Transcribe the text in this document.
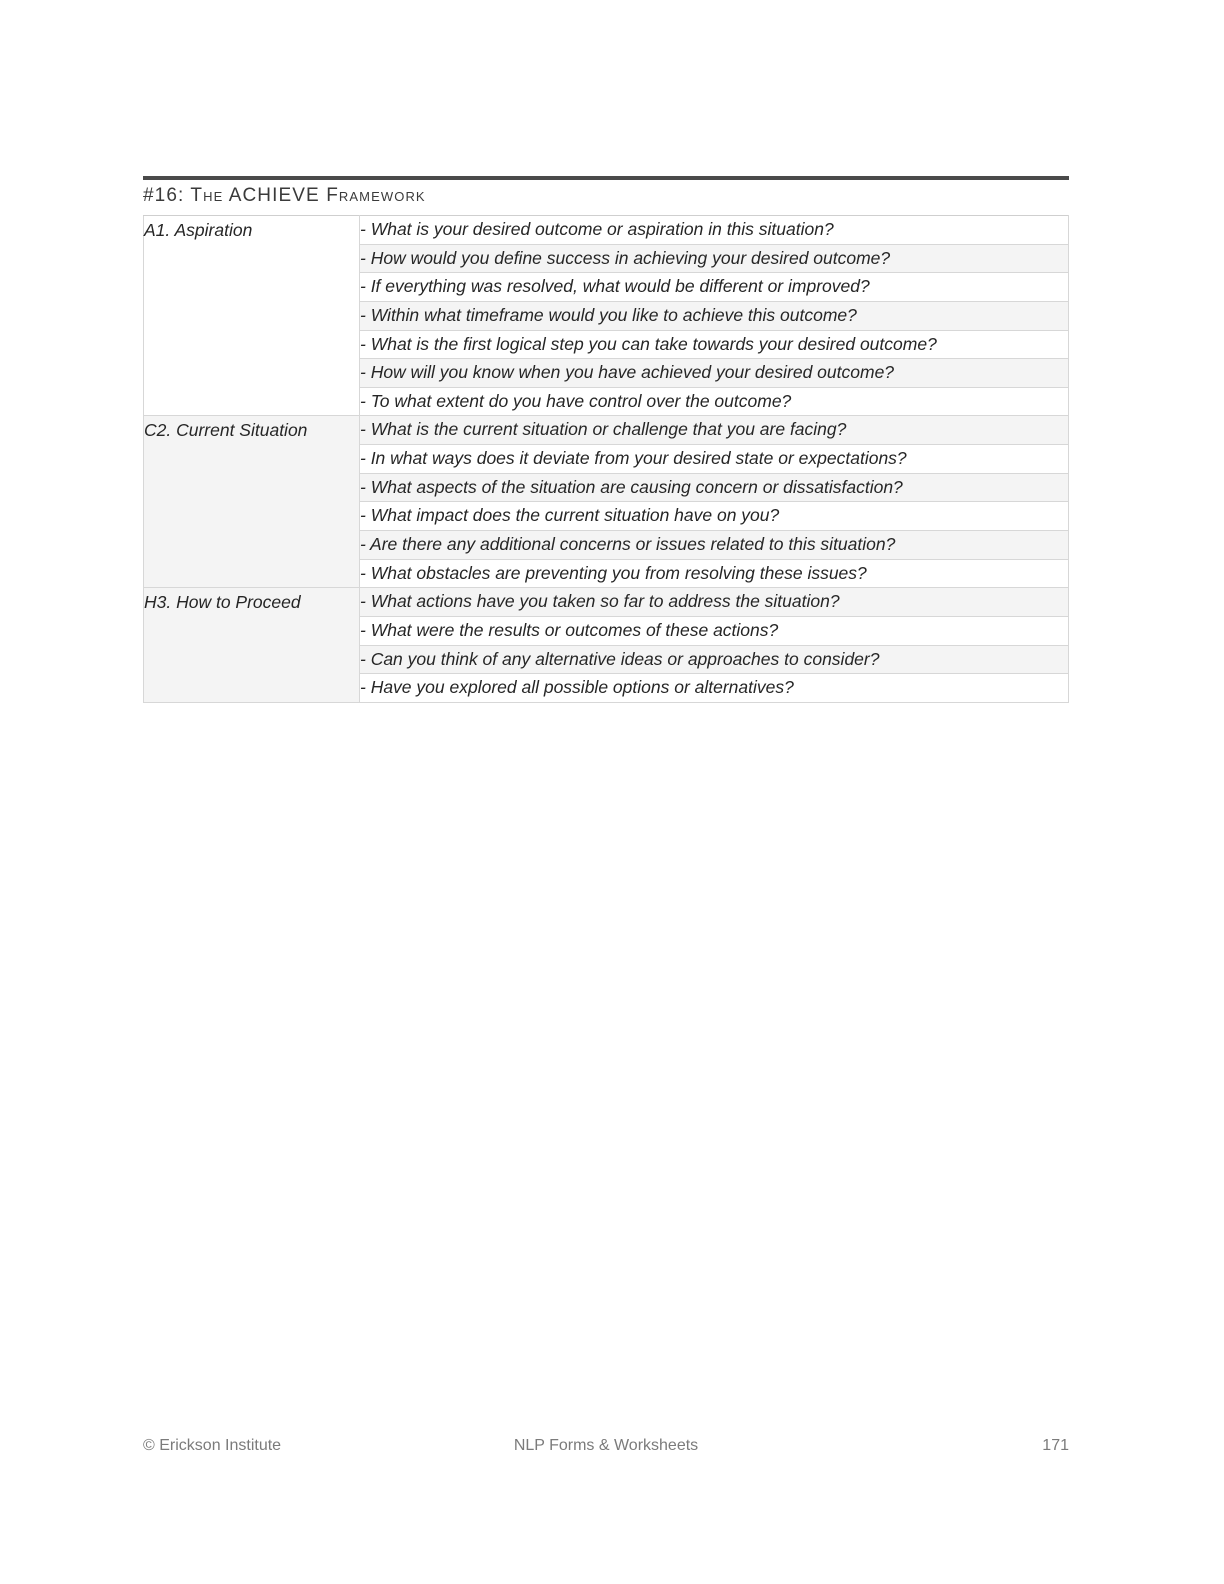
#16: The ACHIEVE Framework
A1. Aspiration	- What is your desired outcome or aspiration in this situation?
	- How would you define success in achieving your desired outcome?
	- If everything was resolved, what would be different or improved?
	- Within what timeframe would you like to achieve this outcome?
	- What is the first logical step you can take towards your desired outcome?
	- How will you know when you have achieved your desired outcome?
	- To what extent do you have control over the outcome?
C2. Current Situation	- What is the current situation or challenge that you are facing?
	- In what ways does it deviate from your desired state or expectations?
	- What aspects of the situation are causing concern or dissatisfaction?
	- What impact does the current situation have on you?
	- Are there any additional concerns or issues related to this situation?
	- What obstacles are preventing you from resolving these issues?
H3. How to Proceed	- What actions have you taken so far to address the situation?
	- What were the results or outcomes of these actions?
	- Can you think of any alternative ideas or approaches to consider?
	- Have you explored all possible options or alternatives?
© Erickson Institute	NLP Forms & Worksheets	171
